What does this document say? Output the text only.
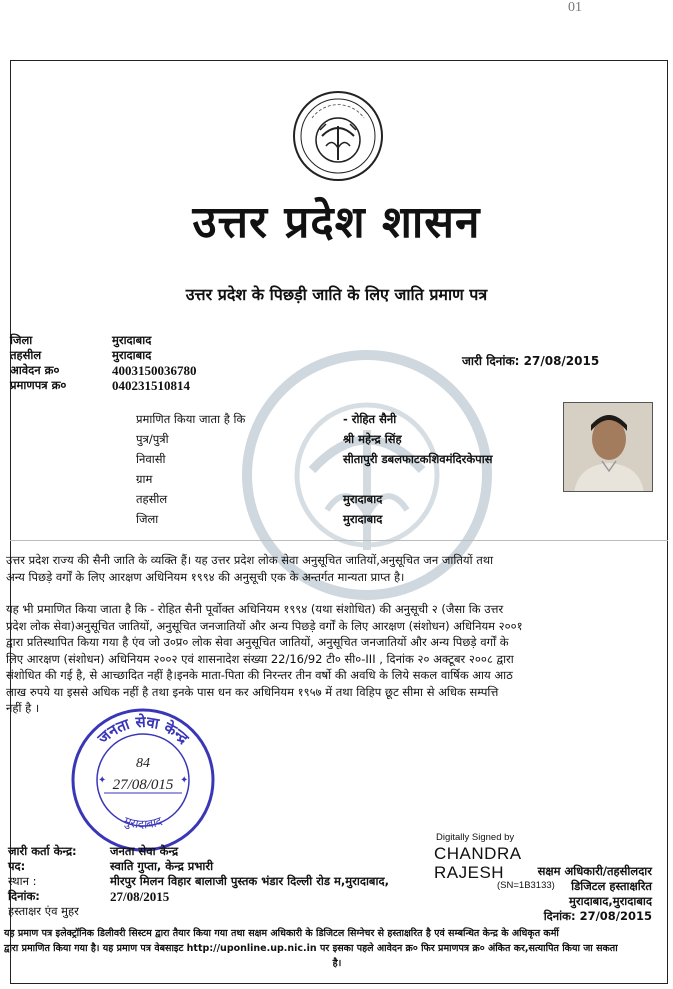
01
उत्तर प्रदेश शासन
उत्तर प्रदेश के पिछड़ी जाति के लिए जाति प्रमाण पत्र
जिला	मुरादाबाद
तहसील	मुरादाबाद
आवेदन क्र०	4003150036780
प्रमाणपत्र क्र०	040231510814
जारी दिनांक: 27/08/2015
प्रमाणित किया जाता है कि	- रोहित सैनी
पुत्र/पुत्री	श्री महेन्द्र सिंह
निवासी	सीतापुरी डबलफाटकशिवमंदिरकेपास
ग्राम
तहसील	मुरादाबाद
जिला	मुरादाबाद
उत्तर प्रदेश राज्य की सैनी जाति के व्यक्ति हैं। यह उत्तर प्रदेश लोक सेवा अनुसूचित जातियों,अनुसूचित जन जातियों तथा
अन्य पिछड़े वर्गों के लिए आरक्षण अधिनियम १९९४ की अनुसूची एक के अन्तर्गत मान्यता प्राप्त है।
यह भी प्रमाणित किया जाता है कि - रोहित सैनी पूर्वोक्त अधिनियम १९९४ (यथा संशोधित) की अनुसूची २ (जैसा कि उत्तर
प्रदेश लोक सेवा)अनुसूचित जातियों, अनुसूचित जनजातियों और अन्य पिछड़े वर्गों के लिए आरक्षण (संशोधन) अधिनियम २००१
द्वारा प्रतिस्थापित किया गया है एंव जो उ०प्र० लोक सेवा अनुसूचित जातियों, अनुसूचित जनजातियों और अन्य पिछड़े वर्गों के
लिए आरक्षण (संशोधन) अधिनियम २००२ एवं शासनादेश संख्या 22/16/92 टी० सी०-III , दिनांक २० अक्टूबर २००८ द्वारा
संशोधित की गई है, से आच्छादित नहीं है।इनके माता-पिता की निरन्तर तीन वर्षो की अवधि के लिये सकल वार्षिक आय आठ
लाख रुपये या इससे अधिक नहीं है तथा इनके पास धन कर अधिनियम १९५७ में तथा विहिप छूट सीमा से अधिक सम्पत्ति
नहीं है ।
जनता सेवा केन्द्र
मुरादाबाद
84
27/08/015
✦	✦
जारी कर्ता केन्द्र:	जनता सेवा केन्द्र
पद:	स्वाति गुप्ता, केन्द्र प्रभारी
स्थान :	मीरपुर मिलन विहार बालाजी पुस्तक भंडार दिल्ली रोड म,मुरादाबाद,
दिनांक:	27/08/2015
हस्ताक्षर एंव मुहर
Digitally Signed by
CHANDRA
RAJESH
(SN=1B3133)
सक्षम अधिकारी/तहसीलदार
डिजिटल हस्ताक्षरित
मुरादाबाद,मुरादाबाद
दिनांक: 27/08/2015
यह प्रमाण पत्र इलेक्ट्रॉनिक डिलीवरी सिस्टम द्वारा तैयार किया गया तथा सक्षम अधिकारी के डिजिटल सिग्नेचर से हस्ताक्षरित है एवं सम्बन्धित केन्द्र के अधिकृत कर्मी
द्वारा प्रमाणित किया गया है। यह प्रमाण पत्र वेबसाइट http://uponline.up.nic.in पर इसका पहले आवेदन क्र० फिर प्रमाणपत्र क्र० अंकित कर,सत्यापित किया जा सकता
है।
